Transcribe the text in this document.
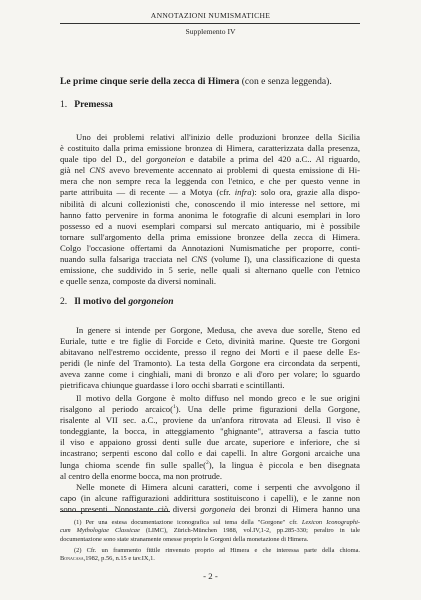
ANNOTAZIONI NUMISMATICHE
Supplemento IV
Le prime cinque serie della zecca di Himera (con e senza leggenda).
1. Premessa
Uno dei problemi relativi all'inizio delle produzioni bronzee della Sicilia
è costituito dalla prima emissione bronzea di Himera, caratterizzata dalla presenza,
quale tipo del D., del gorgoneion e databile a prima del 420 a.C.. Al riguardo,
già nel CNS avevo brevemente accennato ai problemi di questa emissione di Hi-
mera che non sempre reca la leggenda con l'etnico, e che per questo venne in
parte attribuita — di recente — a Motya (cfr. infra): solo ora, grazie alla dispo-
nibilità di alcuni collezionisti che, conoscendo il mio interesse nel settore, mi
hanno fatto pervenire in forma anonima le fotografie di alcuni esemplari in loro
possesso ed a nuovi esemplari comparsi sul mercato antiquario, mi è possibile
tornare sull'argomento della prima emissione bronzee della zecca di Himera.
Colgo l'occasione offertami da Annotazioni Numismatiche per proporre, conti-
nuando sulla falsariga tracciata nel CNS (volume I), una classificazione di questa
emissione, che suddivido in 5 serie, nelle quali si alternano quelle con l'etnico
e quelle senza, composte da diversi nominali.
2. Il motivo del gorgoneion
In genere si intende per Gorgone, Medusa, che aveva due sorelle, Steno ed
Euriale, tutte e tre figlie di Forcide e Ceto, divinità marine. Queste tre Gorgoni
abitavano nell'estremo occidente, presso il regno dei Morti e il paese delle Es-
peridi (le ninfe del Tramonto). La testa della Gorgone era circondata da serpenti,
aveva zanne come i cinghiali, mani di bronzo e ali d'oro per volare; lo sguardo
pietrificava chiunque guardasse i loro occhi sbarrati e scintillanti.
Il motivo della Gorgone è molto diffuso nel mondo greco e le sue origini
risalgono al periodo arcaico($^1$). Una delle prime figurazioni della Gorgone,
risalente al VII sec. a.C., proviene da un'anfora ritrovata ad Eleusi. Il viso è
tondeggiante, la bocca, in atteggiamento "ghignante", attraversa a fascia tutto
il viso e appaiono grossi denti sulle due arcate, superiore e inferiore, che si
incastrano; serpenti escono dal collo e dai capelli. In altre Gorgoni arcaiche una
lunga chioma scende fin sulle spalle($^2$), la lingua è piccola e ben disegnata
al centro della enorme bocca, ma non protrude.
Nelle monete di Himera alcuni caratteri, come i serpenti che avvolgono il
capo (in alcune raffigurazioni addirittura sostituiscono i capelli), e le zanne non
sono presenti. Nonostante ciò diversi gorgoneia dei bronzi di Himera hanno una
(1) Per una estesa documentazione iconografica sul tema della "Gorgone" cfr. Lexicon Iconographi-
cum Mythologiae Classicae (LIMC), Zürich-München 1988, vol.IV,1-2, pp.285-330; peraltro in tale
documentazione sono state stranamente omesse proprio le Gorgoni della monetazione di Himera.
(2) Cfr. un frammento fittile rinvenuto proprio ad Himera e che interessa parte della chioma.
Bonacasa,1982, p.56, n.15 e tav.IX,1.
- 2 -
